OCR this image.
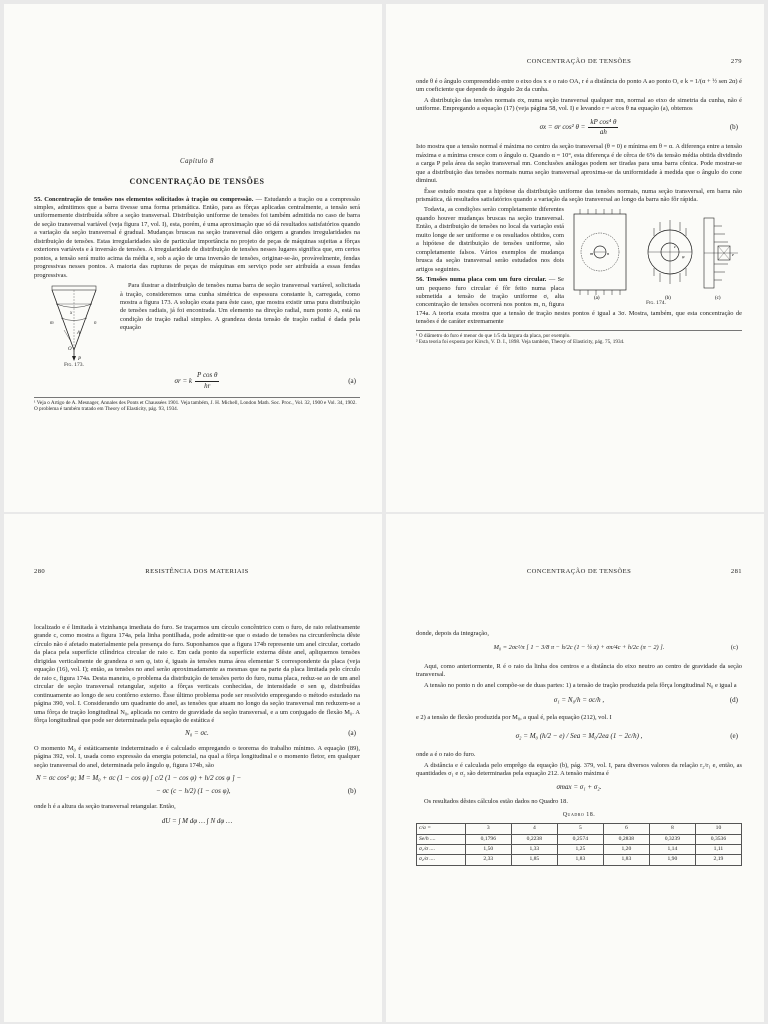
Capítulo 8
CONCENTRAÇÃO DE TENSÕES

55. Concentração de tensões nos elementos solicitados à tração ou compressão. — Estudando a tração ou a compressão simples, admitimos que a barra tivesse uma forma prismática. Então, para as fôrças aplicadas centralmente, a tensão será uniformemente distribuída sôbre a seção transversal. Distribuição uniforme de tensões foi também admitida no caso de barra de seção transversal variável (veja figura 17, vol. I), esta, porém, é uma aproximação que só dá resultados satisfatórios quando a variação da seção transversal é gradual. Mudanças bruscas na seção transversal dão origem a grandes irregularidades na distribuição de tensões. Estas irregularidades são de particular importância no projeto de peças de máquinas sujeitas a fôrças exteriores variáveis e à inversão de tensões. A irregularidade de distribuição de tensões nesses lugares significa que, em certos pontos, a tensão será muito acima da média e, sob a ação de uma inversão de tensões, originar-se-ão, provàvelmente, fendas progressivas nesses pontos. A maioria das rupturas de peças de máquinas em serviço pode ser atribuída a essas fendas progressivas.

m	n
A
O
P
x
Fig. 173.

Para ilustrar a distribuição de tensões numa barra de seção transversal variável, solicitada à tração, consideremos uma cunha simétrica de espessura constante h, carregada, como mostra a figura 173. A solução exata para êste caso, que mostra existir uma pura distribuição de tensões radiais, já foi encontrada. Um elemento na direção radial, num ponto A, está na condição de tração radial simples. A grandeza desta tensão de tração radial é dada pela equação

σr = k $\frac{\text{P cos θ}}{hr}$	(a)
¹ Veja o Artigo de A. Mesnager, Annales des Ponts et Chaussées 1901. Veja também, J. H. Michell, London Math. Soc. Proc., Vol. 32, 1900 e Vol. 34, 1902. O problema é também tratado em Theory of Elasticity, pág. 93, 1934.
CONCENTRAÇÃO DE TENSÕES	279

onde θ é o ângulo compreendido entre o eixo dos x e o raio OA, r é a distância do ponto A ao ponto O, e k = 1/(α + ½ sen 2α) é um coeficiente que depende do ângulo 2α da cunha.

A distribuição das tensões normais σx, numa seção transversal qualquer mn, normal ao eixo de simetria da cunha, não é uniforme. Empregando a equação (17) (veja página 58, vol. I) e levando r = a/cos θ na equação (a), obtemos

σx = σr cos² $\theta = \frac{\text{kP cos⁴ θ}}{ah}$	(b)

Isto mostra que a tensão normal é máxima no centro da seção transversal (θ = 0) e mínima em θ = α. A diferença entre a tensão máxima e a mínima cresce com o ângulo α. Quando α = 10°, esta diferença é de cêrca de 6% da tensão média obtida dividindo a carga P pela área da seção transversal mn. Conclusões análogas podem ser tiradas para uma barra cônica. Pode mostrar-se que a distribuição das tensões normais numa seção transversal aproxima-se da uniformidade à medida que o ângulo do cone diminui.

Êsse estudo mostra que a hipótese da distribuição uniforme das tensões normais, numa seção transversal, em barra não prismática, dá resultados satisfatórios quando a variação da seção transversal ao longo da barra não fôr rápida.

m	n
c
φ	e
(a)	(b)	(c)
Fig. 174.

Todavia, as condições serão completamente diferentes quando houver mudanças bruscas na seção transversal. Então, a distribuição de tensões no local da variação está muito longe de ser uniforme e os resultados obtidos, com a hipótese de distribuição de tensões uniforme, são completamente falsos. Vários exemplos de mudança brusca da seção transversal serão estudados nos dois artigos seguintes.

56. Tensões numa placa com um furo circular. — Se um pequeno furo circular é fôr feito numa placa submetida a tensão de tração uniforme σ, alta concentração de tensões ocorrerá nos pontos m, n, figura 174a. A teoria exata mostra que a tensão de tração nestes pontos é igual a 3σ. Mostra, também, que esta concentração de tensões é de caráter extremamente

¹ O diâmetro do furo é menor do que 1/5 da largura da placa, por exemplo.
² Esta teoria foi exposta por Kirsch, V. D. I., 1898. Veja também, Theory of Elasticity, pág. 75, 1934.
280	RESISTÊNCIA DOS MATERIAIS

localizado e é limitada à vizinhança imediata do furo. Se traçarmos um círculo concêntrico com o furo, de raio relativamente grande c, como mostra a figura 174a, pela linha pontilhada, pode admitir-se que o estado de tensões na circunferência dêste círculo não é afetado materialmente pela presença do furo. Suponhamos que a figura 174b represente um anel circular, cortado da placa pela superfície cilíndrica circular de raio c. Em cada ponto da superfície externa dêste anel, apliquemos tensões dirigidas verticalmente de grandeza σ sen φ, isto é, iguais às tensões numa área elementar S correspondente da placa (veja equação (16), vol. I); então, as tensões no anel serão aproximadamente as mesmas que na parte da placa limitada pelo círculo de raio c, figura 174a. Desta maneira, o problema da distribuição de tensões perto do furo, numa placa, reduz-se ao de um anel circular de seção transversal retangular, sujeito a fôrças verticais conhecidas, de intensidade σ sen φ, distribuídas continuamente ao longo de seu contôrno externo. Êsse último problema pode ser resolvido empregando o método estudado na página 390, vol. I. Considerando um quadrante do anel, as tensões que atuam no longo da seção transversal mn reduzem-se a uma fôrça de tração longitudinal N₀, aplicada no centro de gravidade da seção transversal, e a um conjugado de flexão M₀. A fôrça longitudinal que pode ser determinada pela equação de estática é

N₀ = σc.	(a)

O momento M₀ é estàticamente indeterminado e é calculado empregando o teorema do trabalho mínimo. A equação (89), página 392, vol. I, usada como expressão da energia potencial, na qual a fôrça longitudinal e o momento fletor, em qualquer seção transversal do anel, determinada pelo ângulo φ, figura 174b, são

N = σc cos² φ; M = M₀ + σc (1 − cos φ) [ c/2 (1 − cos φ) + h/2 cos φ ] −
− σc (c − h/2) (1 − cos φ),	(b)

onde h é a altura da seção transversal retangular. Então,

dU = ∫ M dφ … ∫ N dφ …
CONCENTRAÇÃO DE TENSÕES	281

donde, depois da integração,

M₀ = 2σc²/π [ 1 − 3/8 π − h/2c (1 − ¼ π) + σπ/4c + h/2c (π − 2) ].	(c)

Aqui, como anteriormente, R é o raio da linha dos centros e a distância do eixo neutro ao centro de gravidade da seção transversal.

A tensão no ponto n do anel compõe-se de duas partes: 1) a tensão de tração produzida pela fôrça longitudinal N₀ e igual a

σ₁ = N₀/h = σc/h ,	(d)

e 2) a tensão de flexão produzida por M₀, a qual é, pela equação (212), vol. I

σ₂ = M₀ (h/2 − e) / Sea = M₀/2ea (1 − 2c/h) ,	(e)

onde a é o raio do furo.

A distância e é calculada pelo emprêgo da equação (b), pág. 379, vol. I, para diversos valores da relação r₂/r₁ e, então, as quantidades σ₁ e σ₂ são determinadas pela equação 212. A tensão máxima é

σmax = σ₁ + σ₂.

Os resultados dêstes cálculos estão dados no Quadro 18.

Quadro 18.
c/a =	3	4	5	6	8	10
Se/h ....	0,1796	0,2238	0,2574	0,2838	0,3239	0,3536
σ₁/σ ....	1,50	1,33	1,25	1,20	1,14	1,11
σ₂/σ ....	2,33	1,85	1,83	1,83	1,90	2,19
